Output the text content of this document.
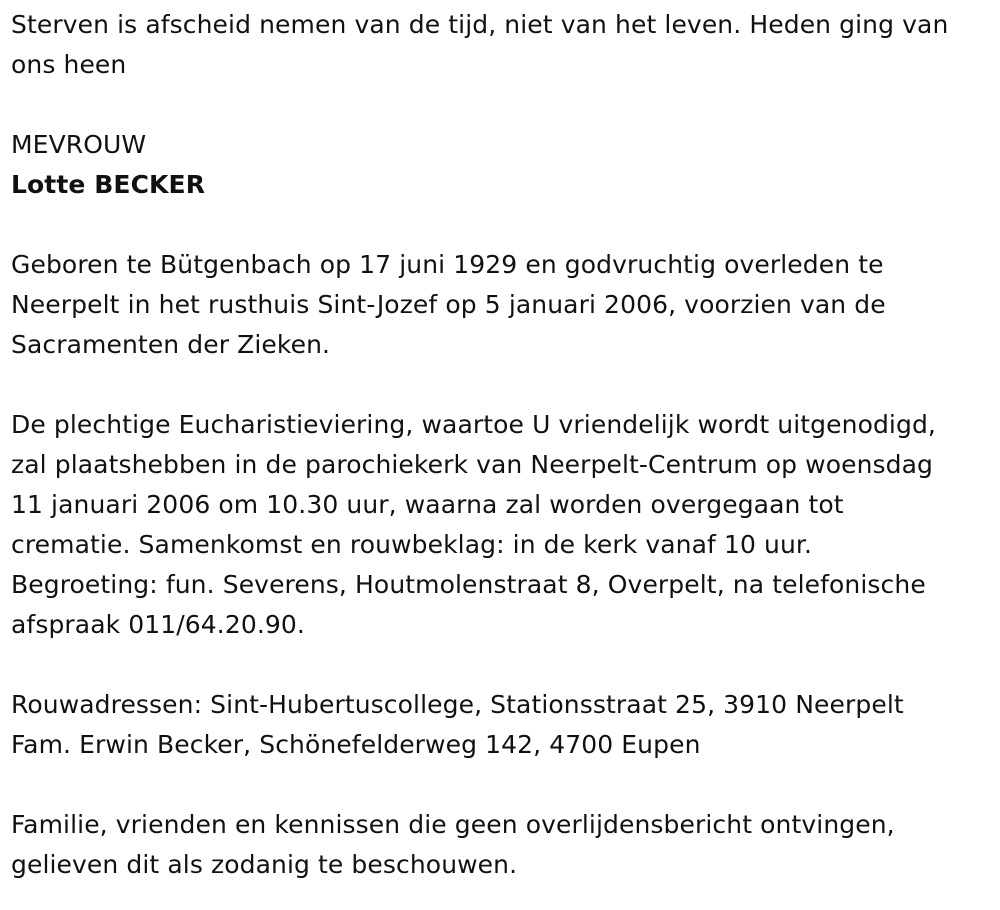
Sterven is afscheid nemen van de tijd, niet van het leven. Heden ging van
ons heen

MEVROUW

Lotte BECKER

Geboren te Bütgenbach op 17 juni 1929 en godvruchtig overleden te
Neerpelt in het rusthuis Sint-Jozef op 5 januari 2006, voorzien van de
Sacramenten der Zieken.

De plechtige Eucharistieviering, waartoe U vriendelijk wordt uitgenodigd,
zal plaatshebben in de parochiekerk van Neerpelt-Centrum op woensdag
11 januari 2006 om 10.30 uur, waarna zal worden overgegaan tot
crematie. Samenkomst en rouwbeklag: in de kerk vanaf 10 uur.
Begroeting: fun. Severens, Houtmolenstraat 8, Overpelt, na telefonische
afspraak 011/64.20.90.

Rouwadressen: Sint-Hubertuscollege, Stationsstraat 25, 3910 Neerpelt
Fam. Erwin Becker, Schönefelderweg 142, 4700 Eupen

Familie, vrienden en kennissen die geen overlijdensbericht ontvingen,
gelieven dit als zodanig te beschouwen.
